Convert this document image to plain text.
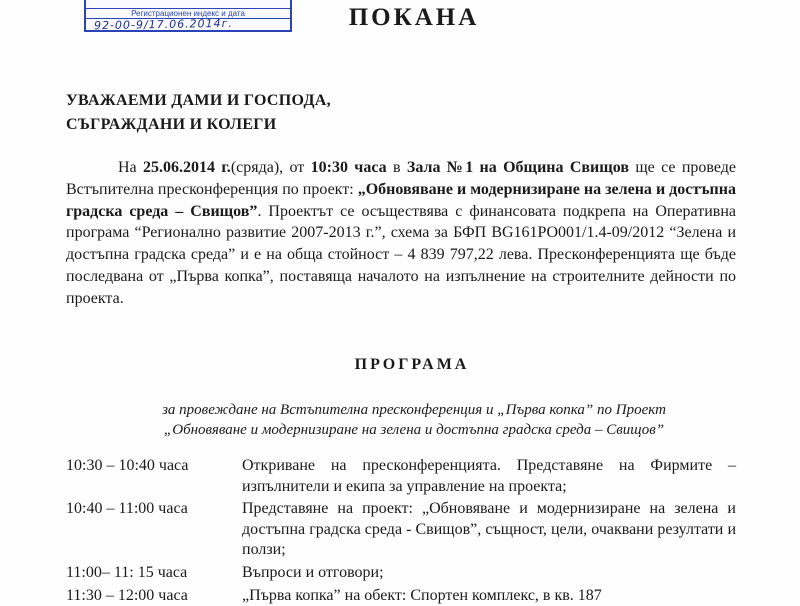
Регистрационен индекс и дата
92-00-9/17.06.2014г.	ПОКАНА
УВАЖАЕМИ ДАМИ И ГОСПОДА,
СЪГРАЖДАНИ И КОЛЕГИ
На 25.06.2014 г.(сряда), от 10:30 часа в Зала №1 на Община Свищов ще се проведе Встъпителна пресконференция по проект: „Обновяване и модернизиране на зелена и достъпна градска среда – Свищов”. Проектът се осъществява с финансовата подкрепа на Оперативна програма “Регионално развитие 2007-2013 г.”, схема за БФП BG161PO001/1.4-09/2012 “Зелена и достъпна градска среда” и е на обща стойност – 4 839 797,22 лева. Пресконференцията ще бъде последвана от „Първа копка”, поставяща началото на изпълнение на строителните дейности по проекта.
ПРОГРАМА
за провеждане на Встъпителна пресконференция и „Първа копка” по Проект
„Обновяване и модернизиране на зелена и достъпна градска среда – Свищов”
10:30 – 10:40 часа	Откриване на пресконференцията. Представяне на Фирмите – изпълнители и екипа за управление на проекта;
10:40 – 11:00 часа	Представяне на проект: „Обновяване и модернизиране на зелена и достъпна градска среда - Свищов”, същност, цели, очаквани резултати и ползи;
11:00– 11: 15 часа	Въпроси и отговори;
11:30 – 12:00 часа	„Първа копка” на обект: Спортен комплекс, в кв. 187
